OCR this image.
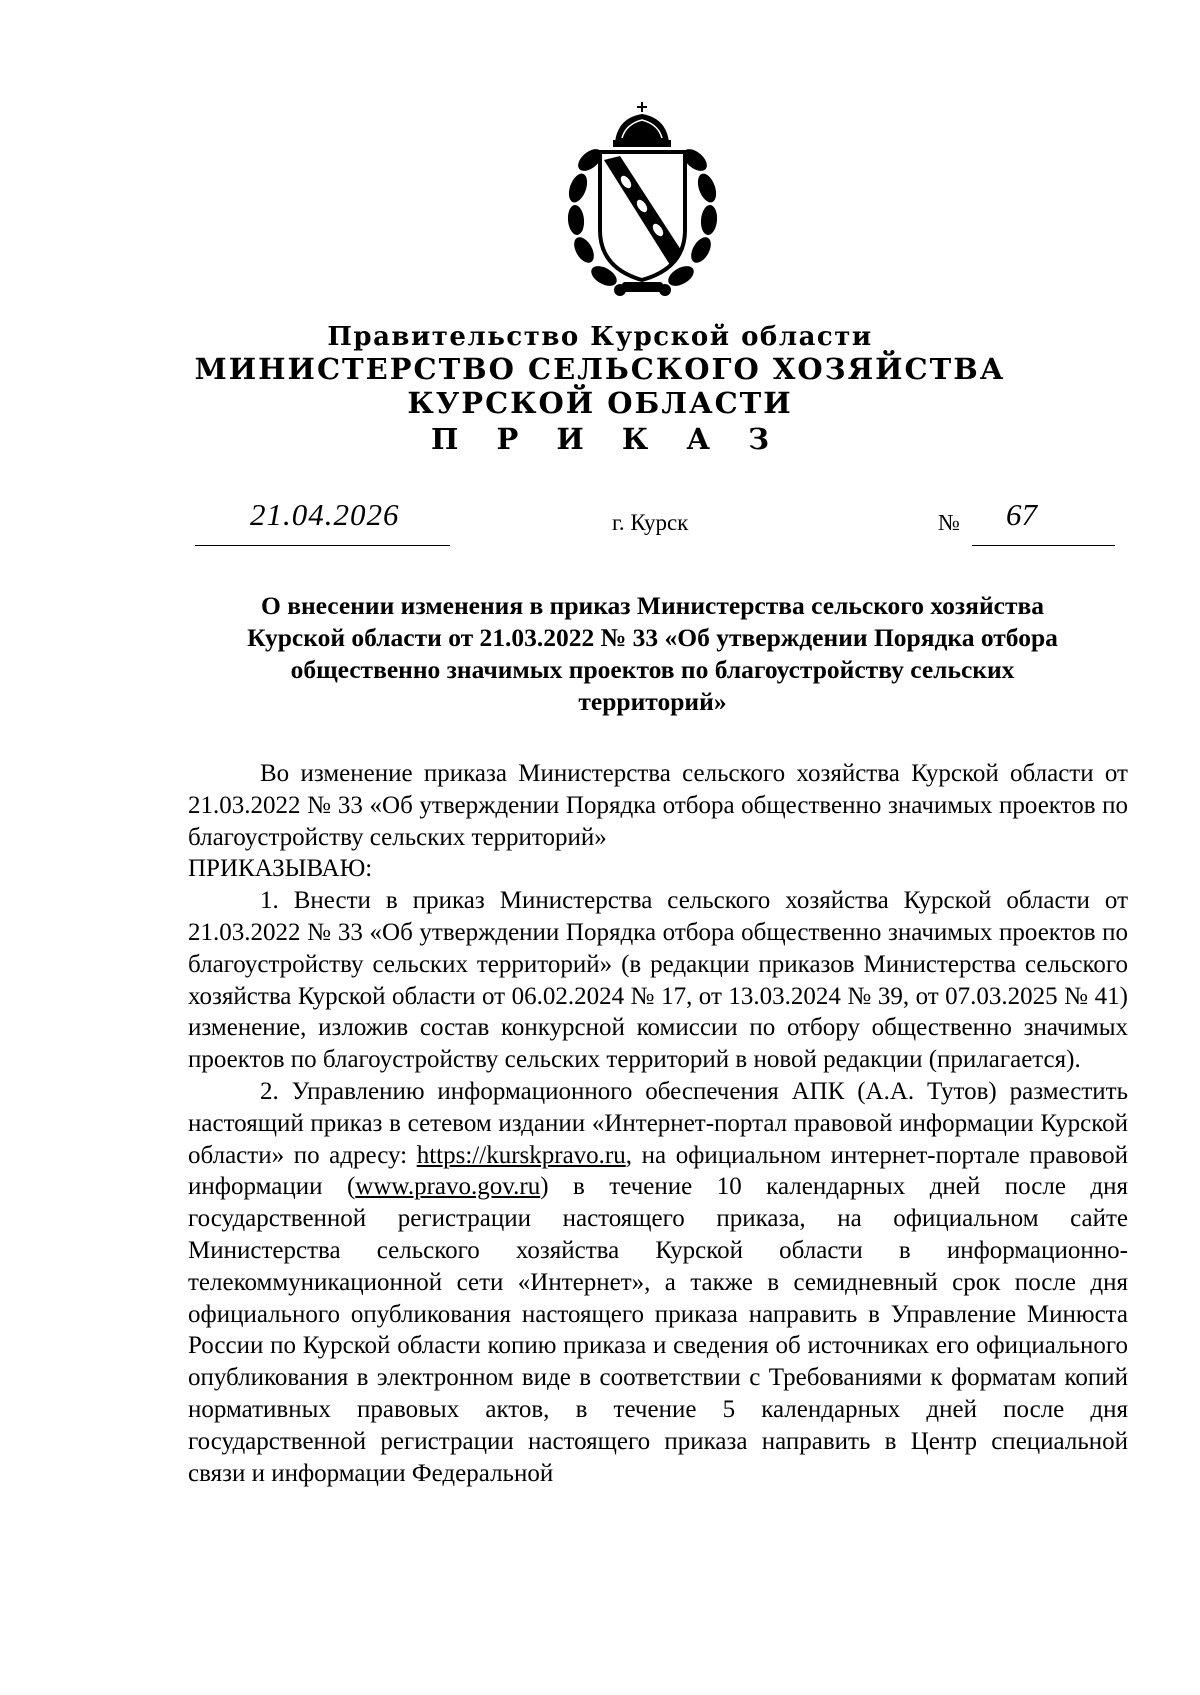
Правительство Курской области
МИНИСТЕРСТВО СЕЛЬСКОГО ХОЗЯЙСТВА
КУРСКОЙ ОБЛАСТИ
П Р И К А З
21.04.2026	г. Курск	№ 67
О внесении изменения в приказ Министерства сельского хозяйства
Курской области от 21.03.2022 № 33 «Об утверждении Порядка отбора
общественно значимых проектов по благоустройству сельских
территорий»

Во изменение приказа Министерства сельского хозяйства Курской области от 21.03.2022 № 33 «Об утверждении Порядка отбора общественно значимых проектов по благоустройству сельских территорий»

ПРИКАЗЫВАЮ:

1. Внести в приказ Министерства сельского хозяйства Курской области от 21.03.2022 № 33 «Об утверждении Порядка отбора общественно значимых проектов по благоустройству сельских территорий» (в редакции приказов Министерства сельского хозяйства Курской области от 06.02.2024 № 17, от 13.03.2024 № 39, от 07.03.2025 № 41) изменение, изложив состав конкурсной комиссии по отбору общественно значимых проектов по благоустройству сельских территорий в новой редакции (прилагается).

2. Управлению информационного обеспечения АПК (А.А. Тутов) разместить настоящий приказ в сетевом издании «Интернет-портал правовой информации Курской области» по адресу: https://kurskpravo.ru, на официальном интернет-портале правовой информации (www.pravo.gov.ru) в течение 10 календарных дней после дня государственной регистрации настоящего приказа, на официальном сайте Министерства сельского хозяйства Курской области в информационно-телекоммуникационной сети «Интернет», а также в семидневный срок после дня официального опубликования настоящего приказа направить в Управление Минюста России по Курской области копию приказа и сведения об источниках его официального опубликования в электронном виде в соответствии с Требованиями к форматам копий нормативных правовых актов, в течение 5 календарных дней после дня государственной регистрации настоящего приказа направить в Центр специальной связи и информации Федеральной
